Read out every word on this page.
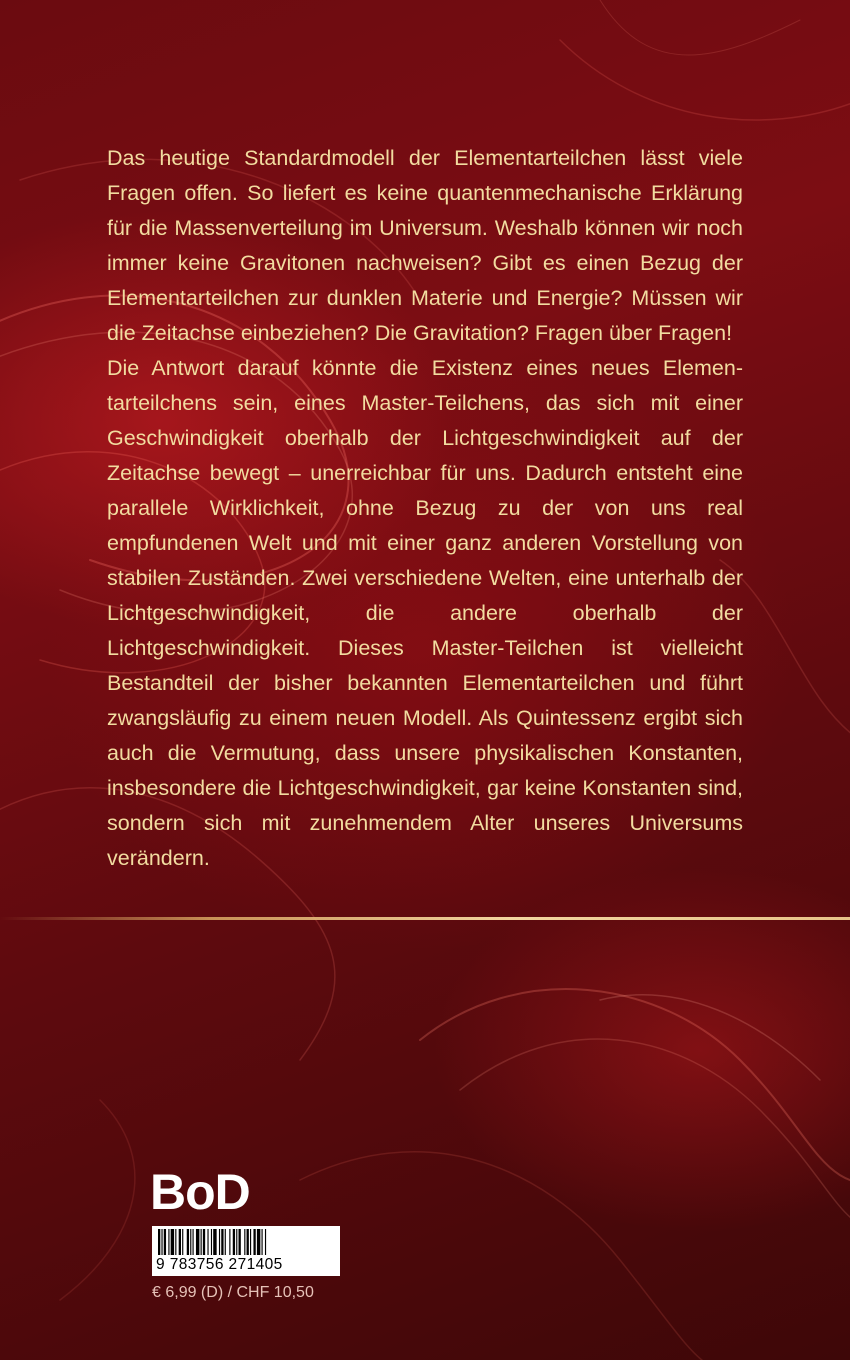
Das heutige Standardmodell der Elementarteilchen lässt viele Fragen offen. So liefert es keine quantenmechanische Erklärung für die Massenverteilung im Universum. Weshalb können wir noch immer keine Gravitonen nachweisen? Gibt es einen Bezug der Elementarteilchen zur dunklen Materie und Energie? Müssen wir die Zeitachse einbeziehen? Die Gravitation? Fragen über Fragen!

Die Antwort darauf könnte die Existenz eines neues Elementarteilchens sein, eines Master-Teilchens, das sich mit einer Geschwindigkeit oberhalb der Lichtgeschwindigkeit auf der Zeitachse bewegt – unerreichbar für uns. Dadurch entsteht eine parallele Wirklichkeit, ohne Bezug zu der von uns real empfundenen Welt und mit einer ganz anderen Vorstellung von stabilen Zuständen. Zwei verschiedene Welten, eine unterhalb der Lichtgeschwindigkeit, die andere oberhalb der Lichtgeschwindigkeit. Dieses Master-Teilchen ist vielleicht Bestandteil der bisher bekannten Elementarteilchen und führt zwangsläufig zu einem neuen Modell. Als Quintessenz ergibt sich auch die Vermutung, dass unsere physikalischen Konstanten, insbesondere die Lichtgeschwindigkeit, gar keine Konstanten sind, sondern sich mit zunehmendem Alter unseres Universums verändern.

BoD
9 783756 271405
€ 6,99 (D) / CHF 10,50
